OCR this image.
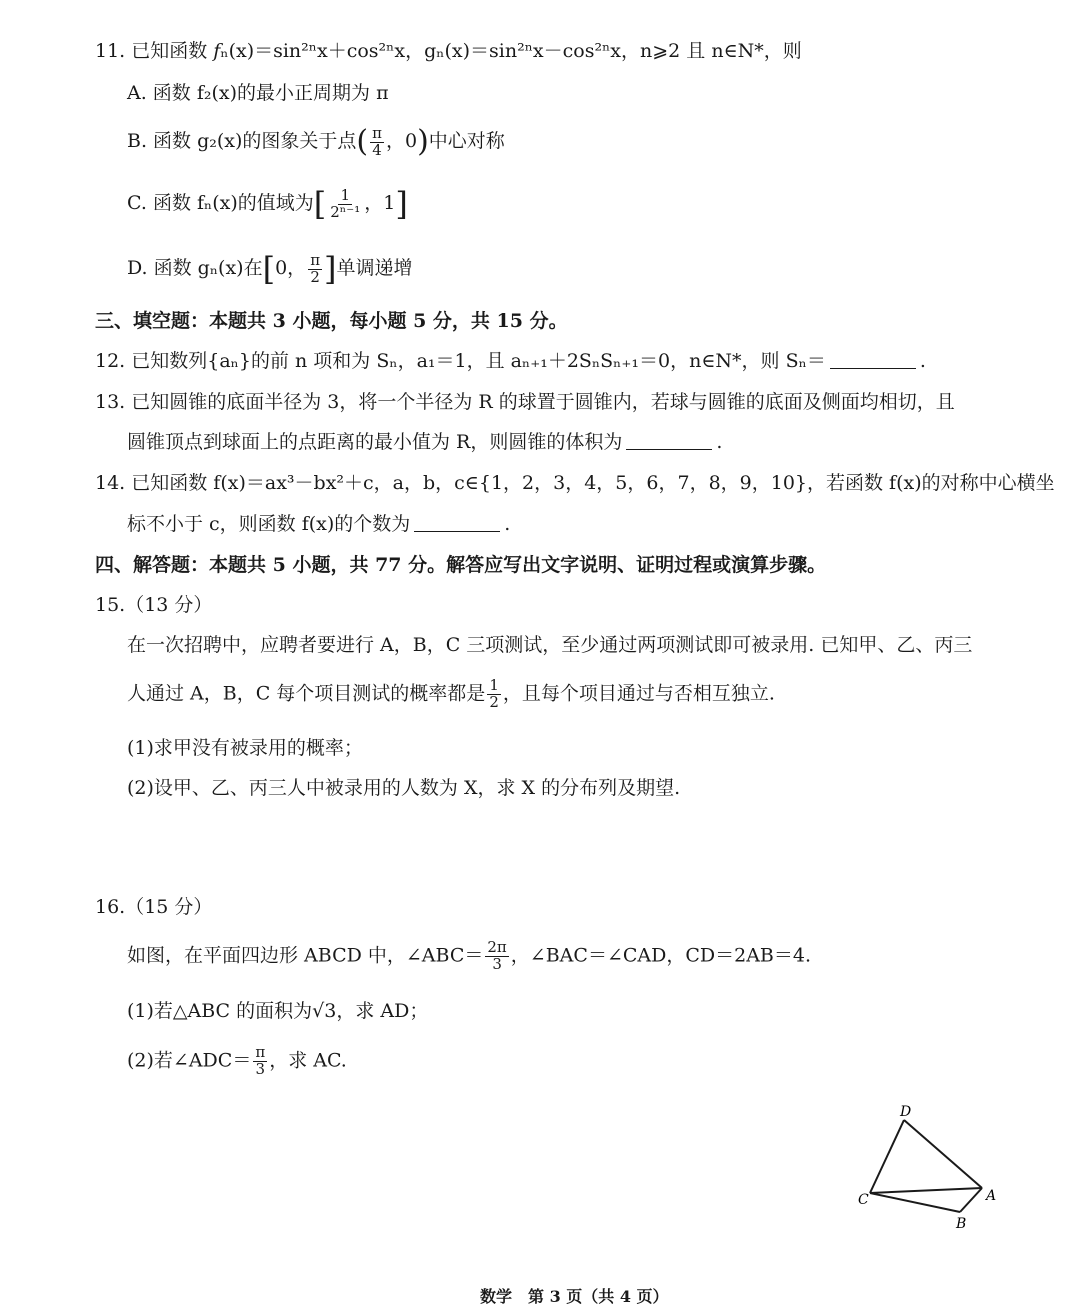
11. 已知函数 fₙ(x)＝sin²ⁿx＋cos²ⁿx，gₙ(x)＝sin²ⁿx－cos²ⁿx，n⩾2 且 n∈N*，则
A. 函数 f₂(x)的最小正周期为 π
B. 函数 g₂(x)的图象关于点( $\frac{\pi}{4}$ ，0)中心对称
C. 函数 fₙ(x)的值域为[ $\frac{1}{\text{2ⁿ⁻¹}}$ ，1]
D. 函数 gₙ(x)在[0， $\frac{\pi}{2}$ ]单调递增
三、填空题：本题共 3 小题，每小题 5 分，共 15 分。
12. 已知数列{aₙ}的前 n 项和为 Sₙ，a₁＝1，且 aₙ₊₁＋2SₙSₙ₊₁＝0，n∈N*，则 Sₙ＝	.
13. 已知圆锥的底面半径为 3，将一个半径为 R 的球置于圆锥内，若球与圆锥的底面及侧面均相切，且
圆锥顶点到球面上的点距离的最小值为 R，则圆锥的体积为	.
14. 已知函数 f(x)＝ax³－bx²＋c，a，b，c∈{1，2，3，4，5，6，7，8，9，10}，若函数 f(x)的对称中心横坐
标不小于 c，则函数 f(x)的个数为	.
四、解答题：本题共 5 小题，共 77 分。解答应写出文字说明、证明过程或演算步骤。
15.（13 分）
在一次招聘中，应聘者要进行 A，B，C 三项测试，至少通过两项测试即可被录用. 已知甲、乙、丙三
人通过 A，B，C 每个项目测试的概率都是 $\frac{1}{2}$ ，且每个项目通过与否相互独立.
(1)求甲没有被录用的概率；
(2)设甲、乙、丙三人中被录用的人数为 X，求 X 的分布列及期望.
16.（15 分）
如图，在平面四边形 ABCD 中，∠ABC＝ $\frac{2\pi}{3}$ ，∠BAC＝∠CAD，CD＝2AB＝4.
(1)若△ABC 的面积为√3，求 AD；
(2)若∠ADC＝ $\frac{\pi}{3}$ ，求 AC.
D
C	A
B
数学　第 3 页（共 4 页）
